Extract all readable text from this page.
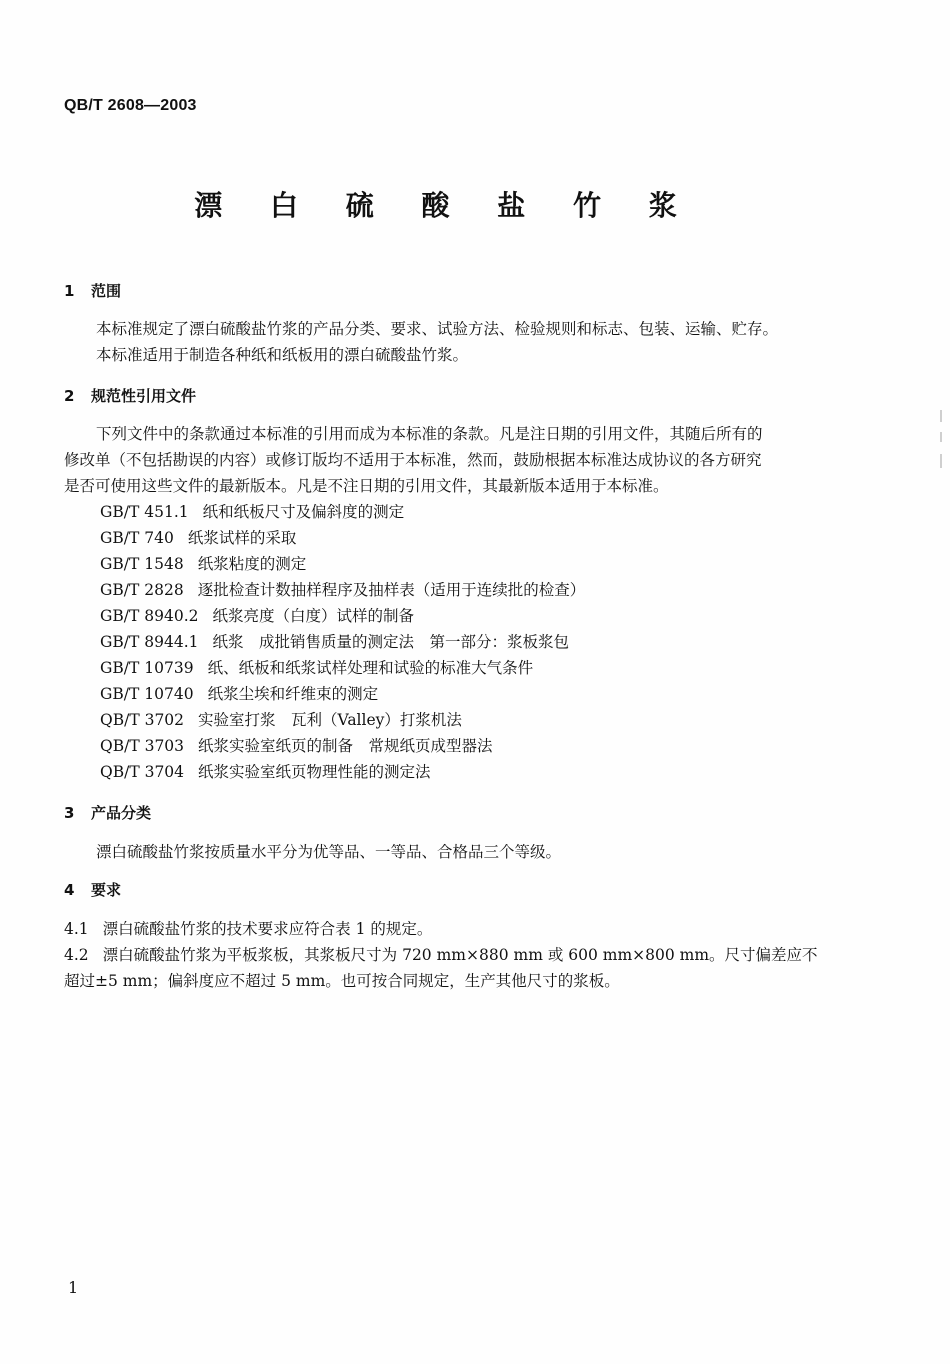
QB/T 2608—2003
漂 白 硫 酸 盐 竹 浆
1 范围
本标准规定了漂白硫酸盐竹浆的产品分类、要求、试验方法、检验规则和标志、包装、运输、贮存。
本标准适用于制造各种纸和纸板用的漂白硫酸盐竹浆。
2 规范性引用文件
下列文件中的条款通过本标准的引用而成为本标准的条款。凡是注日期的引用文件，其随后所有的
修改单（不包括勘误的内容）或修订版均不适用于本标准，然而，鼓励根据本标准达成协议的各方研究
是否可使用这些文件的最新版本。凡是不注日期的引用文件，其最新版本适用于本标准。
GB/T 451.1 纸和纸板尺寸及偏斜度的测定
GB/T 740 纸浆试样的采取
GB/T 1548 纸浆粘度的测定
GB/T 2828 逐批检查计数抽样程序及抽样表（适用于连续批的检查）
GB/T 8940.2 纸浆亮度（白度）试样的制备
GB/T 8944.1 纸浆　成批销售质量的测定法　第一部分：浆板浆包
GB/T 10739 纸、纸板和纸浆试样处理和试验的标准大气条件
GB/T 10740 纸浆尘埃和纤维束的测定
QB/T 3702 实验室打浆　瓦利（Valley）打浆机法
QB/T 3703 纸浆实验室纸页的制备　常规纸页成型器法
QB/T 3704 纸浆实验室纸页物理性能的测定法
3 产品分类
漂白硫酸盐竹浆按质量水平分为优等品、一等品、合格品三个等级。
4 要求
4.1 漂白硫酸盐竹浆的技术要求应符合表 1 的规定。
4.2 漂白硫酸盐竹浆为平板浆板，其浆板尺寸为 720 mm×880 mm 或 600 mm×800 mm。尺寸偏差应不
超过±5 mm；偏斜度应不超过 5 mm。也可按合同规定，生产其他尺寸的浆板。
1
